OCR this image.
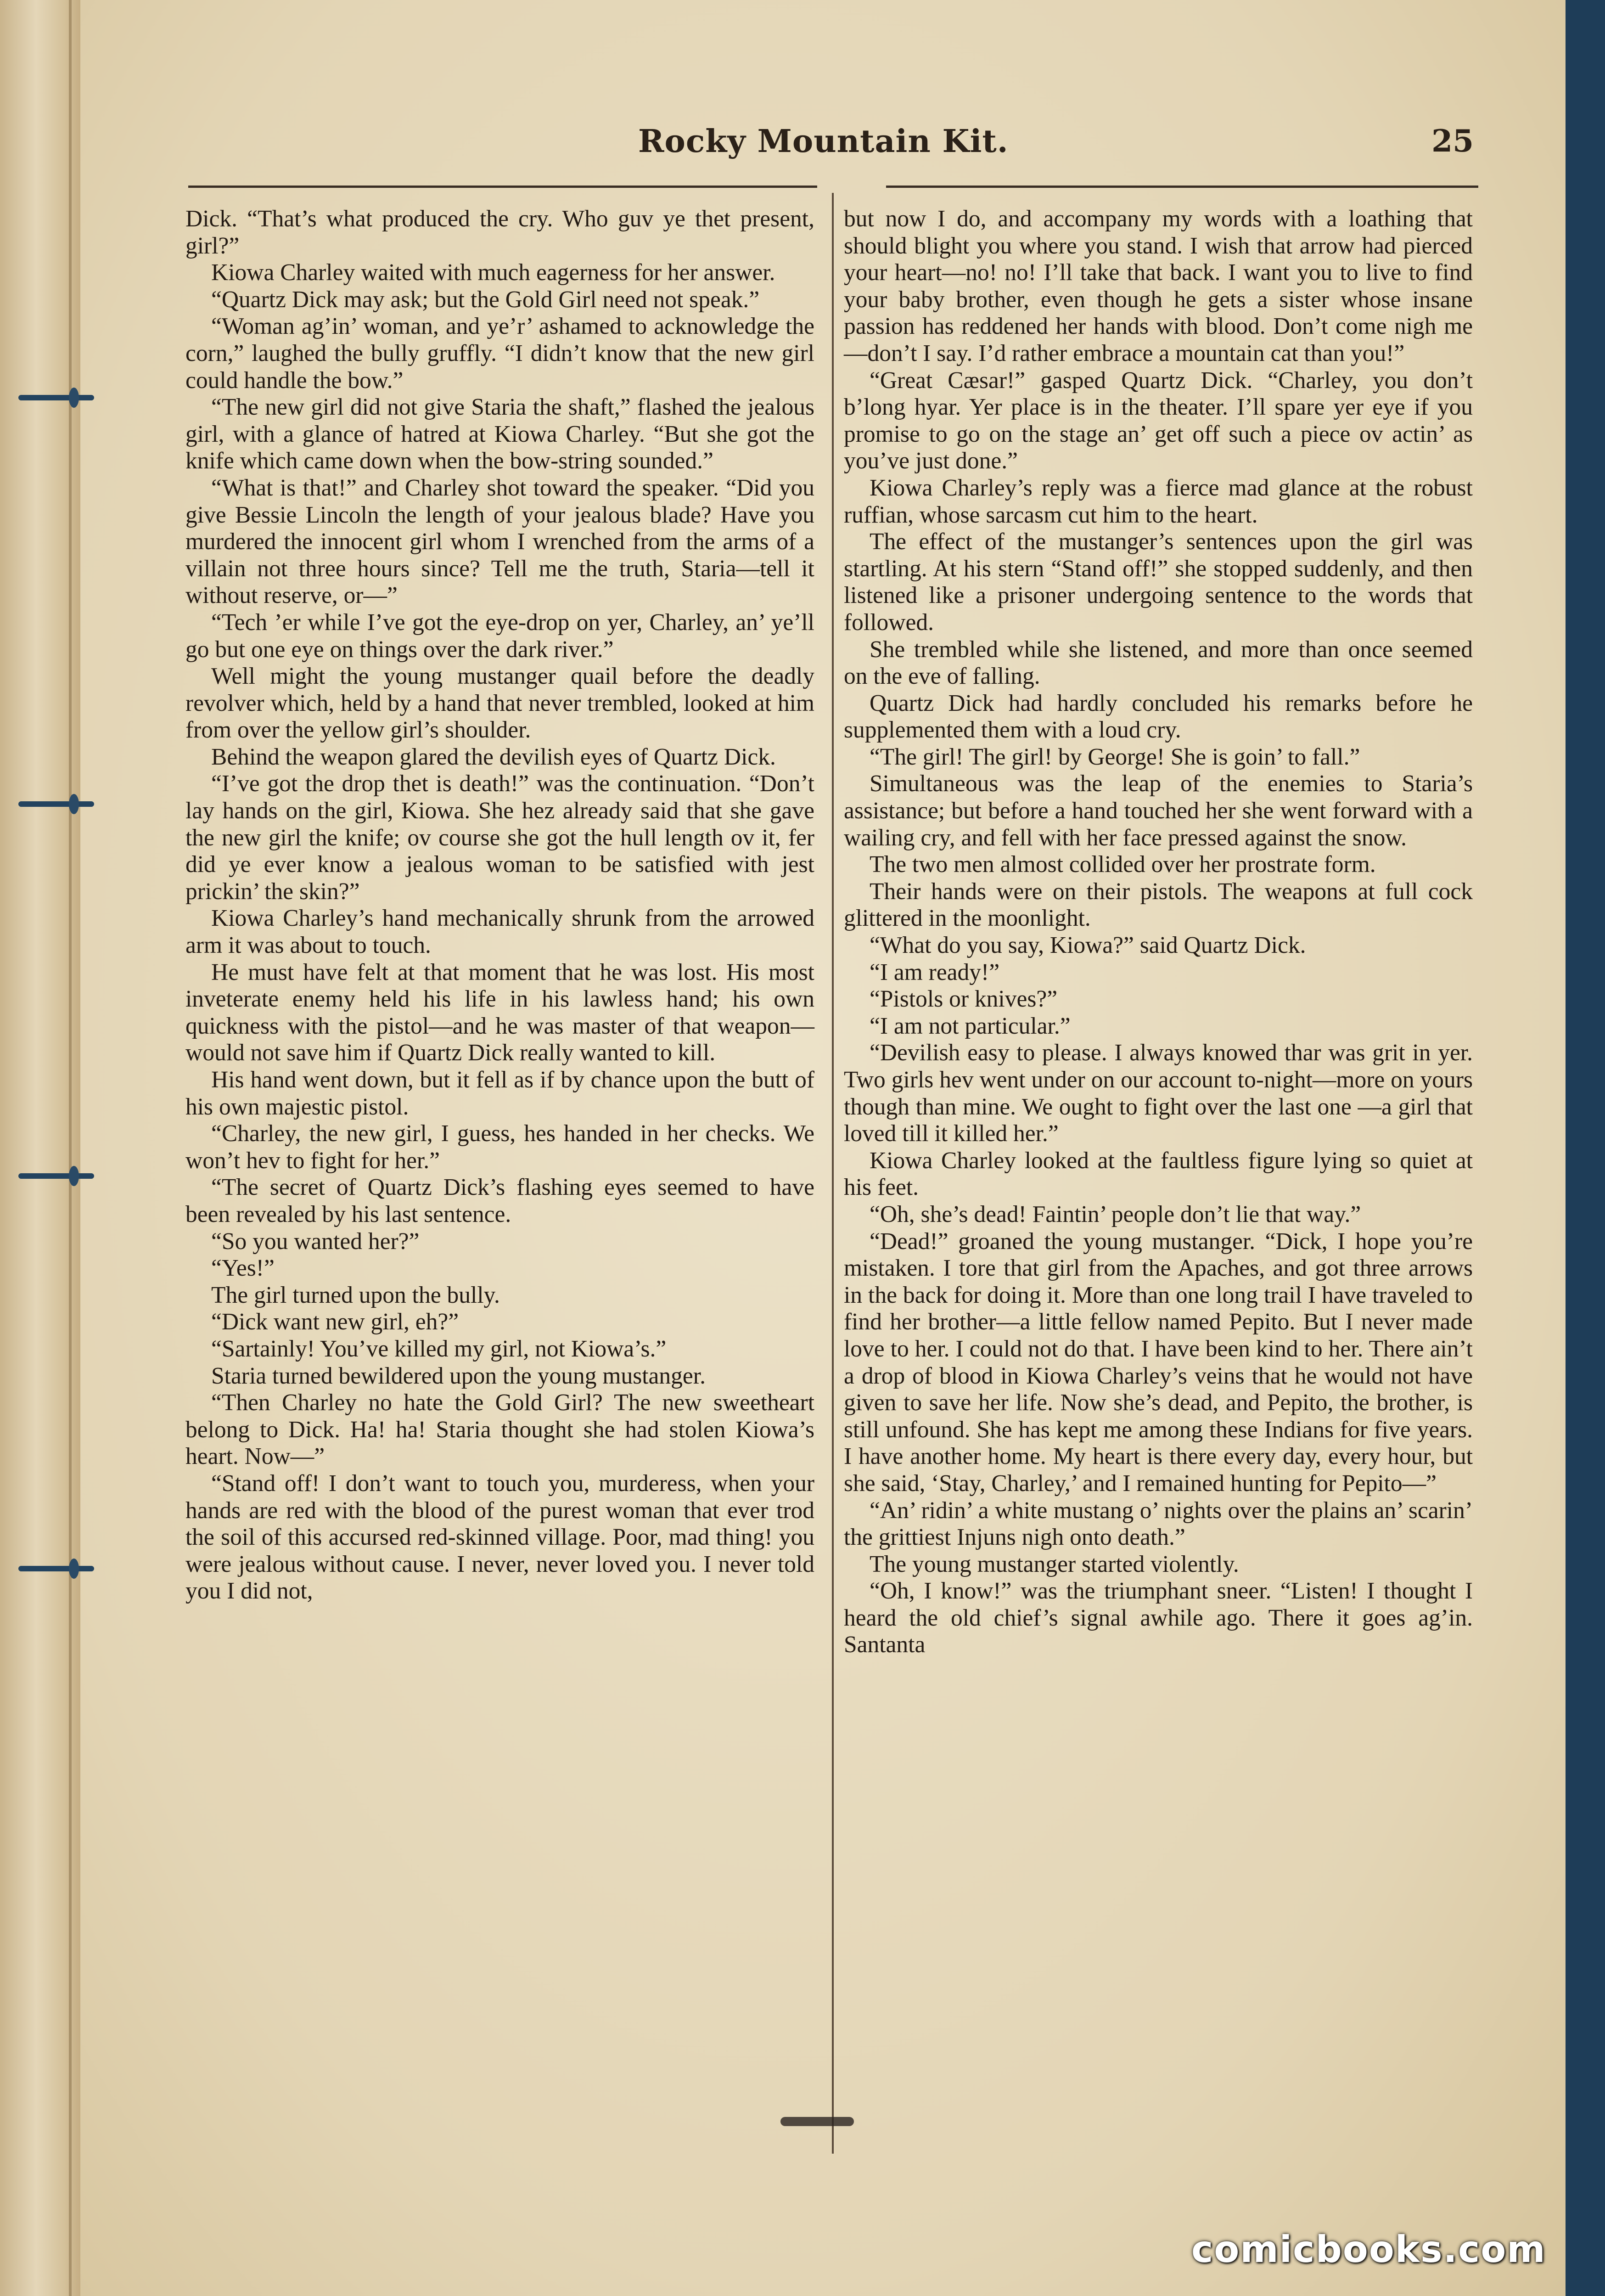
Rocky Mountain Kit.	25

Dick. “That’s what produced the cry. Who guv ye thet present, girl?”

Kiowa Charley waited with much eagerness for her answer.

“Quartz Dick may ask; but the Gold Girl need not speak.”

“Woman ag’in’ woman, and ye’r’ ashamed to acknowledge the corn,” laughed the bully gruffly. “I didn’t know that the new girl could handle the bow.”

“The new girl did not give Staria the shaft,” flashed the jealous girl, with a glance of hatred at Kiowa Charley. “But she got the knife which came down when the bow-string sounded.”

“What is that!” and Charley shot toward the speaker. “Did you give Bessie Lincoln the length of your jealous blade? Have you murdered the innocent girl whom I wrenched from the arms of a villain not three hours since? Tell me the truth, Staria—tell it without reserve, or—”

“Tech ’er while I’ve got the eye-drop on yer, Charley, an’ ye’ll go but one eye on things over the dark river.”

Well might the young mustanger quail before the deadly revolver which, held by a hand that never trembled, looked at him from over the yellow girl’s shoulder.

Behind the weapon glared the devilish eyes of Quartz Dick.

“I’ve got the drop thet is death!” was the continuation. “Don’t lay hands on the girl, Kiowa. She hez already said that she gave the new girl the knife; ov course she got the hull length ov it, fer did ye ever know a jealous woman to be satisfied with jest prickin’ the skin?”

Kiowa Charley’s hand mechanically shrunk from the arrowed arm it was about to touch.

He must have felt at that moment that he was lost. His most inveterate enemy held his life in his lawless hand; his own quickness with the pistol—and he was master of that weapon—would not save him if Quartz Dick really wanted to kill.

His hand went down, but it fell as if by chance upon the butt of his own majestic pistol.

“Charley, the new girl, I guess, hes handed in her checks. We won’t hev to fight for her.”

“The secret of Quartz Dick’s flashing eyes seemed to have been revealed by his last sentence.

“So you wanted her?”

“Yes!”

The girl turned upon the bully.

“Dick want new girl, eh?”

“Sartainly! You’ve killed my girl, not Kiowa’s.”

Staria turned bewildered upon the young mustanger.

“Then Charley no hate the Gold Girl? The new sweetheart belong to Dick. Ha! ha! Staria thought she had stolen Kiowa’s heart. Now—”

“Stand off! I don’t want to touch you, murderess, when your hands are red with the blood of the purest woman that ever trod the soil of this accursed red-skinned village. Poor, mad thing! you were jealous without cause. I never, never loved you. I never told you I did not,

but now I do, and accompany my words with a loathing that should blight you where you stand. I wish that arrow had pierced your heart—no! no! I’ll take that back. I want you to live to find your baby brother, even though he gets a sister whose insane passion has reddened her hands with blood. Don’t come nigh me—don’t I say. I’d rather embrace a mountain cat than you!”

“Great Cæsar!” gasped Quartz Dick. “Charley, you don’t b’long hyar. Yer place is in the theater. I’ll spare yer eye if you promise to go on the stage an’ get off such a piece ov actin’ as you’ve just done.”

Kiowa Charley’s reply was a fierce mad glance at the robust ruffian, whose sarcasm cut him to the heart.

The effect of the mustanger’s sentences upon the girl was startling. At his stern “Stand off!” she stopped suddenly, and then listened like a prisoner undergoing sentence to the words that followed.

She trembled while she listened, and more than once seemed on the eve of falling.

Quartz Dick had hardly concluded his remarks before he supplemented them with a loud cry.

“The girl! The girl! by George! She is goin’ to fall.”

Simultaneous was the leap of the enemies to Staria’s assistance; but before a hand touched her she went forward with a wailing cry, and fell with her face pressed against the snow.

The two men almost collided over her prostrate form.

Their hands were on their pistols. The weapons at full cock glittered in the moonlight.

“What do you say, Kiowa?” said Quartz Dick.

“I am ready!”

“Pistols or knives?”

“I am not particular.”

“Devilish easy to please. I always knowed thar was grit in yer. Two girls hev went under on our account to-night—more on yours though than mine. We ought to fight over the last one —a girl that loved till it killed her.”

Kiowa Charley looked at the faultless figure lying so quiet at his feet.

“Oh, she’s dead! Faintin’ people don’t lie that way.”

“Dead!” groaned the young mustanger. “Dick, I hope you’re mistaken. I tore that girl from the Apaches, and got three arrows in the back for doing it. More than one long trail I have traveled to find her brother—a little fellow named Pepito. But I never made love to her. I could not do that. I have been kind to her. There ain’t a drop of blood in Kiowa Charley’s veins that he would not have given to save her life. Now she’s dead, and Pepito, the brother, is still unfound. She has kept me among these Indians for five years. I have another home. My heart is there every day, every hour, but she said, ‘Stay, Charley,’ and I remained hunting for Pepito—”

“An’ ridin’ a white mustang o’ nights over the plains an’ scarin’ the grittiest Injuns nigh onto death.”

The young mustanger started violently.

“Oh, I know!” was the triumphant sneer. “Listen! I thought I heard the old chief’s signal awhile ago. There it goes ag’in. Santanta

comicbooks.com
